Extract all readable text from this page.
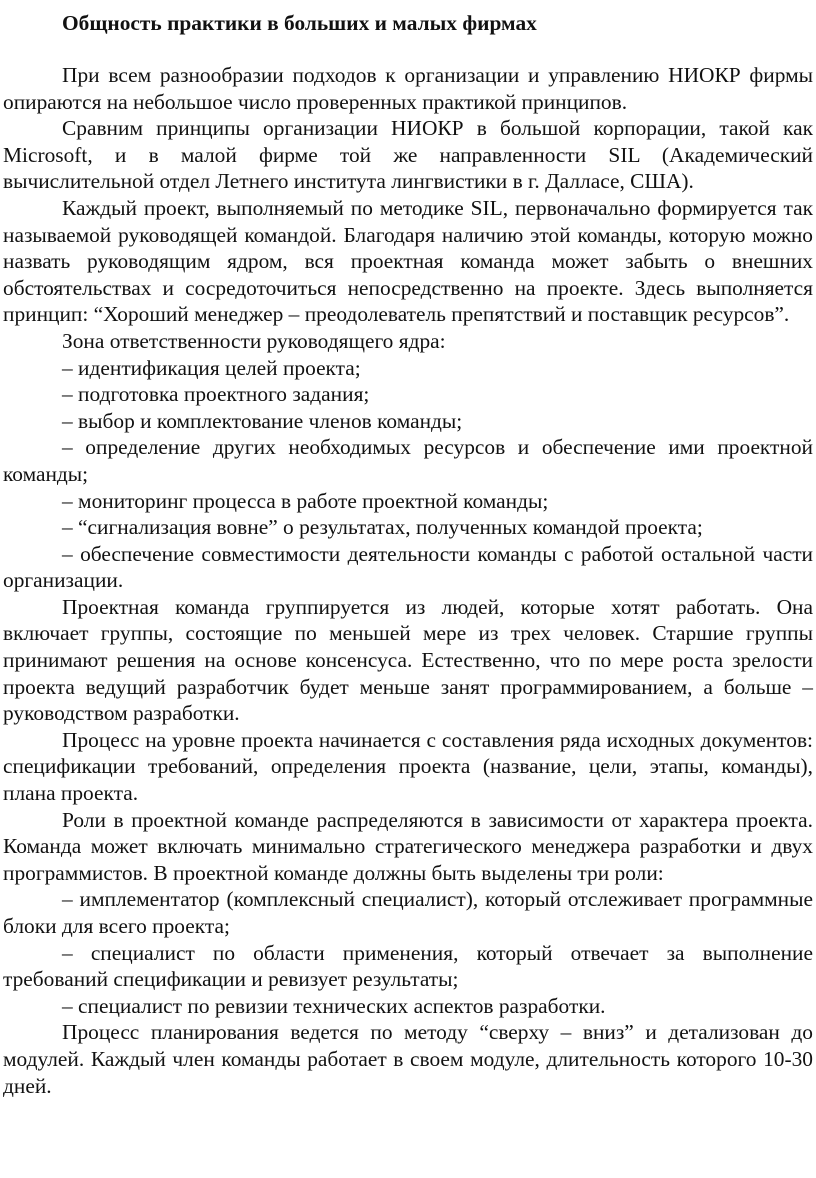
Общность практики в больших и малых фирмах

При всем разнообразии подходов к организации и управлению НИОКР фирмы опираются на небольшое число проверенных практикой принципов.

Сравним принципы организации НИОКР в большой корпорации, такой как Microsoft, и в малой фирме той же направленности SIL (Академический вычислительной отдел Летнего института лингвистики в г. Далласе, США).

Каждый проект, выполняемый по методике SIL, первоначально формируется так называемой руководящей командой. Благодаря наличию этой команды, которую можно назвать руководящим ядром, вся проектная команда может забыть о внешних обстоятельствах и сосредоточиться непосредственно на проекте. Здесь выполняется принцип: “Хороший менеджер – преодолеватель препятствий и поставщик ресурсов”.

Зона ответственности руководящего ядра:

– идентификация целей проекта;

– подготовка проектного задания;

– выбор и комплектование членов команды;

– определение других необходимых ресурсов и обеспечение ими проектной команды;

– мониторинг процесса в работе проектной команды;

– “сигнализация вовне” о результатах, полученных командой проекта;

– обеспечение совместимости деятельности команды с работой остальной части организации.

Проектная команда группируется из людей, которые хотят работать. Она включает группы, состоящие по меньшей мере из трех человек. Старшие группы принимают решения на основе консенсуса. Естественно, что по мере роста зрелости проекта ведущий разработчик будет меньше занят программированием, а больше – руководством разработки.

Процесс на уровне проекта начинается с составления ряда исходных документов: спецификации требований, определения проекта (название, цели, этапы, команды), плана проекта.

Роли в проектной команде распределяются в зависимости от характера проекта. Команда может включать минимально стратегического менеджера разработки и двух программистов. В проектной команде должны быть выделены три роли:

– имплементатор (комплексный специалист), который отслеживает программные блоки для всего проекта;

– специалист по области применения, который отвечает за выполнение требований спецификации и ревизует результаты;

– специалист по ревизии технических аспектов разработки.

Процесс планирования ведется по методу “сверху – вниз” и детализован до модулей. Каждый член команды работает в своем модуле, длительность которого 10-30 дней.
